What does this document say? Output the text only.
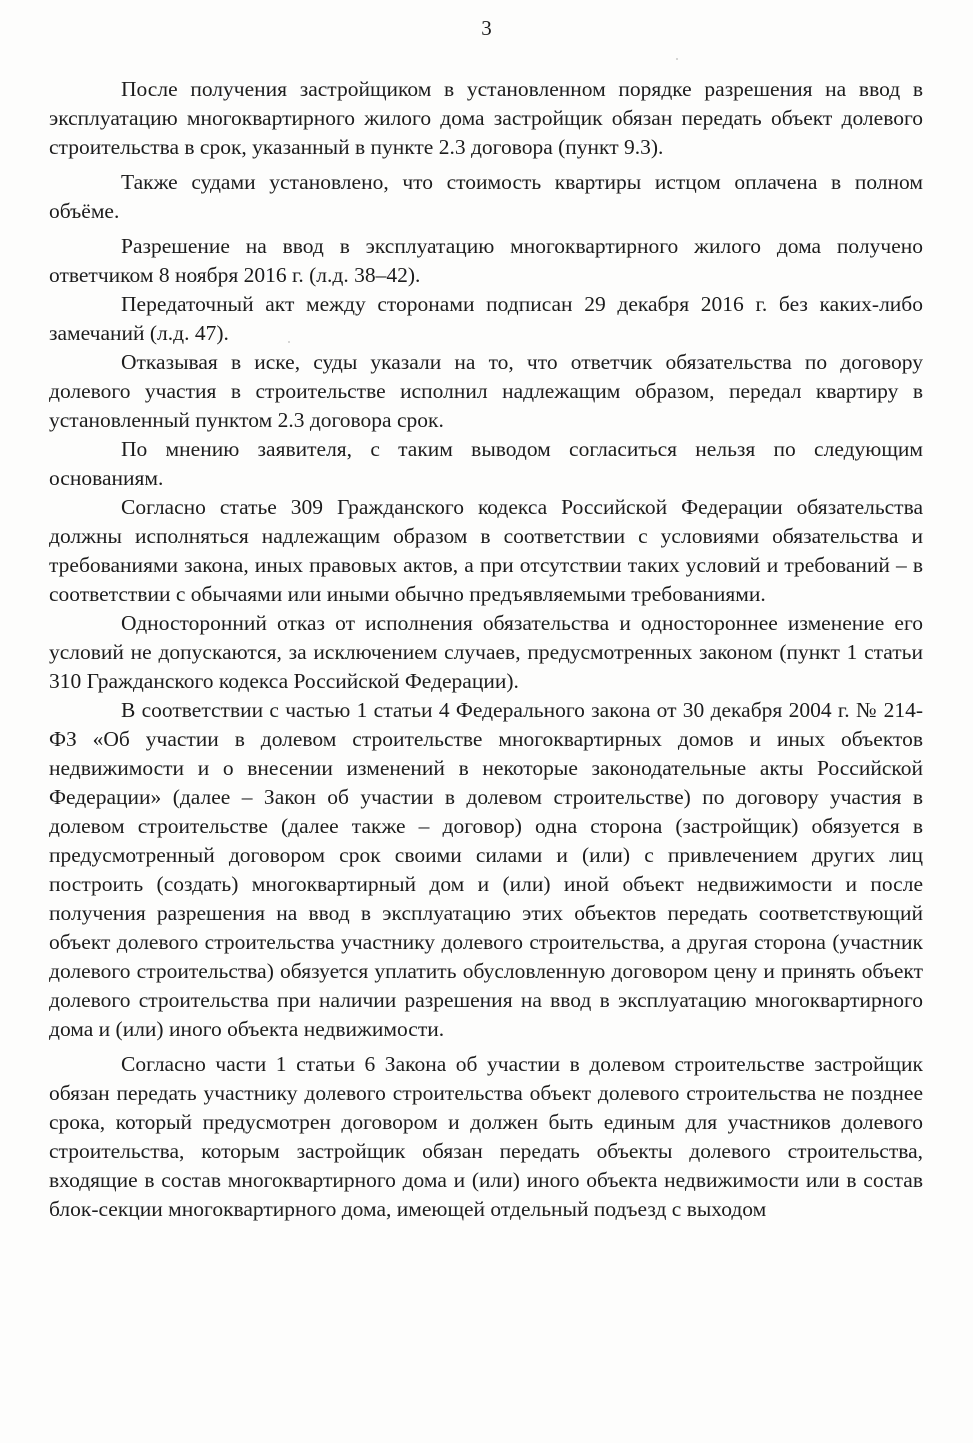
3

После получения застройщиком в установленном порядке разрешения на ввод в эксплуатацию многоквартирного жилого дома застройщик обязан передать объект долевого строительства в срок, указанный в пункте 2.3 договора (пункт 9.3).

Также судами установлено, что стоимость квартиры истцом оплачена в полном объёме.

Разрешение на ввод в эксплуатацию многоквартирного жилого дома получено ответчиком 8 ноября 2016 г. (л.д. 38–42).

Передаточный акт между сторонами подписан 29 декабря 2016 г. без каких-либо замечаний (л.д. 47).

Отказывая в иске, суды указали на то, что ответчик обязательства по договору долевого участия в строительстве исполнил надлежащим образом, передал квартиру в установленный пунктом 2.3 договора срок.

По мнению заявителя, с таким выводом согласиться нельзя по следующим основаниям.

Согласно статье 309 Гражданского кодекса Российской Федерации обязательства должны исполняться надлежащим образом в соответствии с условиями обязательства и требованиями закона, иных правовых актов, а при отсутствии таких условий и требований – в соответствии с обычаями или иными обычно предъявляемыми требованиями.

Односторонний отказ от исполнения обязательства и одностороннее изменение его условий не допускаются, за исключением случаев, предусмотренных законом (пункт 1 статьи 310 Гражданского кодекса Российской Федерации).

В соответствии с частью 1 статьи 4 Федерального закона от 30 декабря 2004 г. № 214-ФЗ «Об участии в долевом строительстве многоквартирных домов и иных объектов недвижимости и о внесении изменений в некоторые законодательные акты Российской Федерации» (далее – Закон об участии в долевом строительстве) по договору участия в долевом строительстве (далее также – договор) одна сторона (застройщик) обязуется в предусмотренный договором срок своими силами и (или) с привлечением других лиц построить (создать) многоквартирный дом и (или) иной объект недвижимости и после получения разрешения на ввод в эксплуатацию этих объектов передать соответствующий объект долевого строительства участнику долевого строительства, а другая сторона (участник долевого строительства) обязуется уплатить обусловленную договором цену и принять объект долевого строительства при наличии разрешения на ввод в эксплуатацию многоквартирного дома и (или) иного объекта недвижимости.

Согласно части 1 статьи 6 Закона об участии в долевом строительстве застройщик обязан передать участнику долевого строительства объект долевого строительства не позднее срока, который предусмотрен договором и должен быть единым для участников долевого строительства, которым застройщик обязан передать объекты долевого строительства, входящие в состав многоквартирного дома и (или) иного объекта недвижимости или в состав блок-секции многоквартирного дома, имеющей отдельный подъезд с выходом
